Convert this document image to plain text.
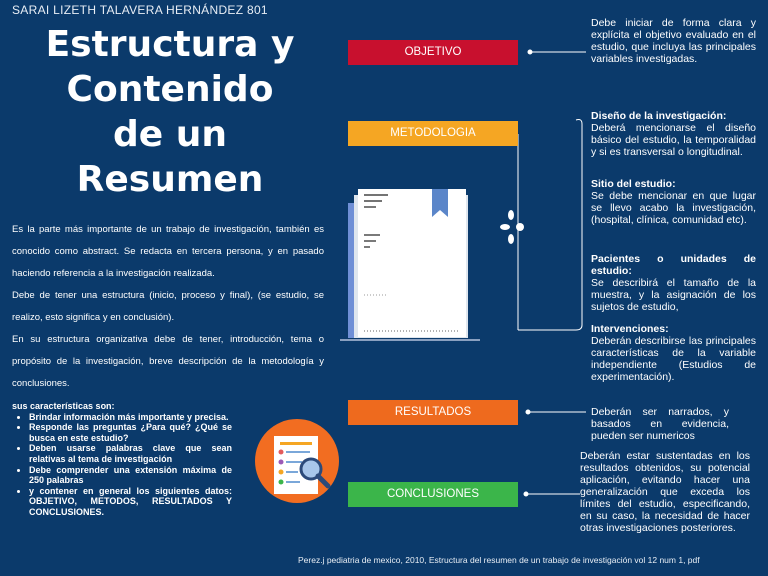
SARAI LIZETH TALAVERA HERNÁNDEZ 801
Estructura y
Contenido
de un
Resumen
Es la parte más importante de un trabajo de investigación, también es conocido como abstract. Se redacta en tercera persona, y en pasado haciendo referencia a la investigación realizada.
Debe de tener una estructura (inicio, proceso y final), (se estudio, se realizo, esto significa y en conclusión).
En su estructura organizativa debe de tener, introducción, tema o propósito de la investigación, breve descripción de la metodología y conclusiones.
sus características son:
• Brindar información más importante y precisa.
• Responde las preguntas ¿Para qué? ¿Qué se busca en este estudio?
• Deben usarse palabras clave que sean relativas al tema de investigación
• Debe comprender una extensión máxima de 250 palabras
• y contener en general los siguientes datos: OBJETIVO, METODOS, RESULTADOS Y CONCLUSIONES.
OBJETIVO
METODOLOGIA
RESULTADOS
CONCLUSIONES
Debe iniciar de forma clara y explícita el objetivo evaluado en el estudio, que incluya las principales variables investigadas.
Diseño de la investigación:
Deberá mencionarse el diseño básico del estudio, la temporalidad y si es transversal o longitudinal.
Sitio del estudio:
Se debe mencionar en que lugar se llevo acabo la investigación, (hospital, clínica, comunidad etc).
Pacientes o unidades de estudio:
Se describirá el tamaño de la muestra, y la asignación de los sujetos de estudio,
Intervenciones:
Deberán describirse las principales características de la variable independiente (Estudios de experimentación).
Deberán ser narrados, y basados en evidencia, pueden ser numericos
Deberán estar sustentadas en los resultados obtenidos, su potencial aplicación, evitando hacer una generalización que exceda los límites del estudio, especificando, en su caso, la necesidad de hacer otras investigaciones posteriores.
Perez.j pediatria de mexico, 2010, Estructura del resumen de un trabajo de investigación vol 12 num 1, pdf
